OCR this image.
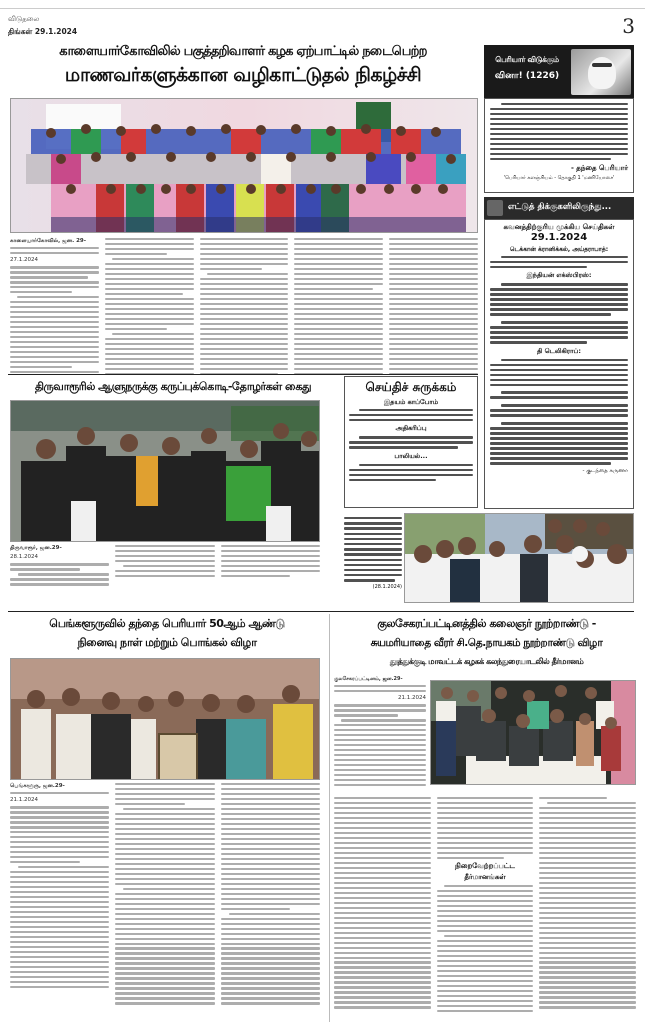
விடுதலை
திங்கள் 29.1.2024	3
காளையார்கோவிலில் பகுத்தறிவாளர் கழக ஏற்பாட்டில் நடைபெற்ற
மாணவர்களுக்கான வழிகாட்டுதல் நிகழ்ச்சி
காளையார்கோவில், ஜன. 29-
27.1.2024
பெரியார் விடுக்கும்
வினா! (1226)
- தந்தை பெரியார்
'பெரியார் களஞ்சியம் - தொகுதி 1 'மணியோசை'
எட்டுத் திக்குகளிலிருந்து...
கவனத்திற்குரிய முக்கிய செய்திகள்
29.1.2024
டெக்கான் க்ரானிக்கல், அய்தராபாத்:
இந்தியன் எக்ஸ்பிரஸ்:
தி டெலிகிராப்:
- குடந்தை கருணா
திருவாரூரில் ஆளுநருக்கு கருப்புக்கொடி-தோழர்கள் கைது
திருவாரூர், ஜன.29-
28.1.2024
செய்திச் சுருக்கம்
இதயம் காப்போம்
அதிகரிப்பு
பாலியல்...
(28.1.2024)
பெங்களூருவில் தந்தை பெரியார் 50ஆம் ஆண்டு
நினைவு நாள் மற்றும் பொங்கல் விழா
பெங்களூரு, ஜன.29-
21.1.2024
குலசேகரப்பட்டினத்தில் கலைஞர் நூற்றாண்டு -
சுயமரியாதை வீரர் சி.தெ.நாயகம் நூற்றாண்டு விழா
தூத்துக்குடி மாவட்டக் கழகக் கலந்துரையாடலில் தீர்மானம்
குலசேகரப்பட்டினம், ஜன.29-
21.1.2024
நிறைவேற்றப்பட்ட
தீர்மானங்கள்
